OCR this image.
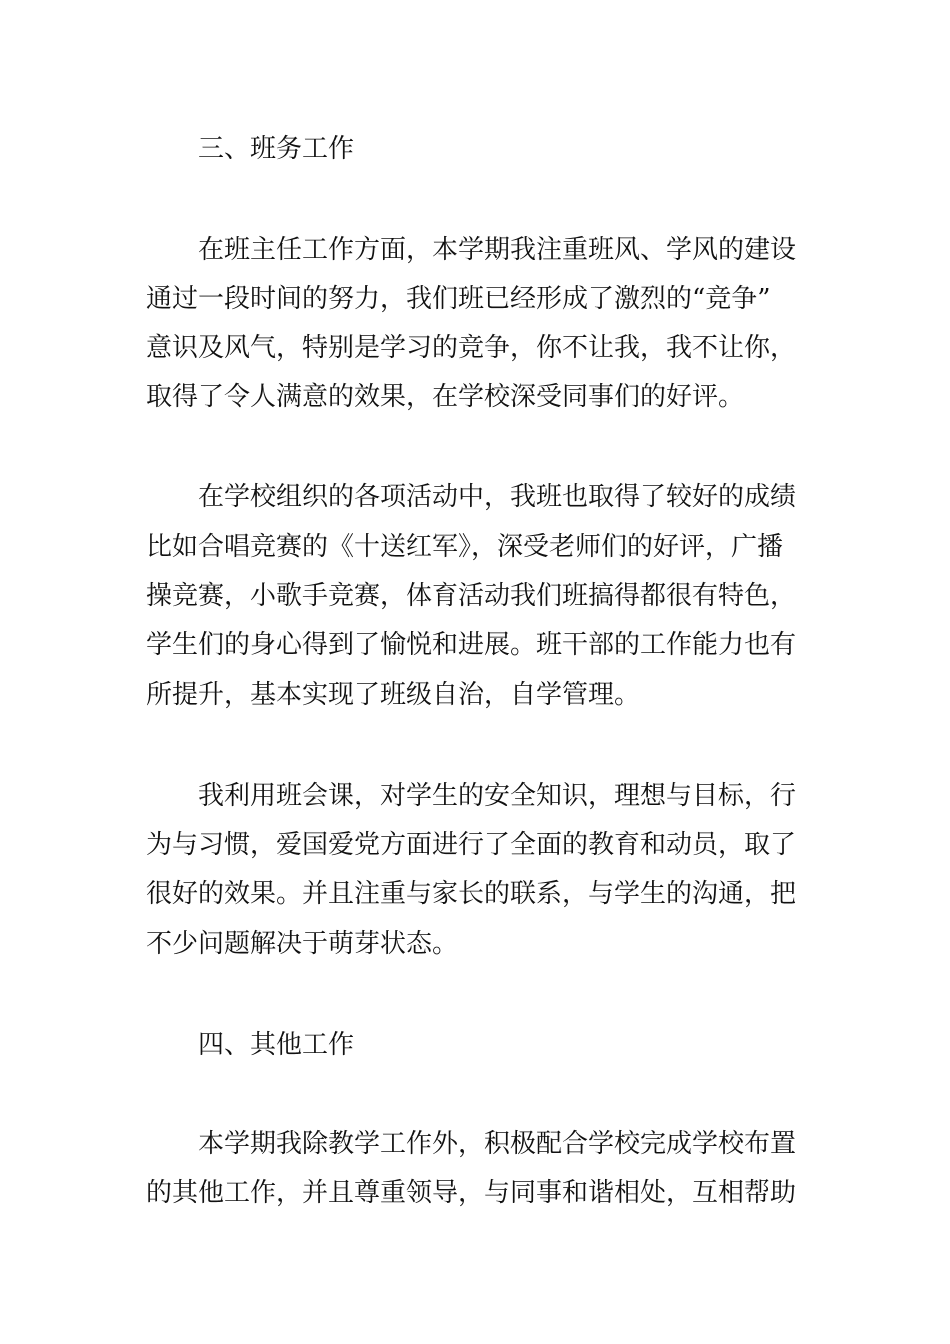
三、班务工作
在班主任工作方面，本学期我注重班风、学风的建设
通过一段时间的努力，我们班已经形成了激烈的“竞争”
意识及风气，特别是学习的竞争，你不让我，我不让你，
取得了令人满意的效果，在学校深受同事们的好评。
在学校组织的各项活动中，我班也取得了较好的成绩
比如合唱竞赛的《十送红军》，深受老师们的好评，广播
操竞赛，小歌手竞赛，体育活动我们班搞得都很有特色，
学生们的身心得到了愉悦和进展。班干部的工作能力也有
所提升，基本实现了班级自治，自学管理。
我利用班会课，对学生的安全知识，理想与目标，行
为与习惯，爱国爱党方面进行了全面的教育和动员，取了
很好的效果。并且注重与家长的联系，与学生的沟通，把
不少问题解决于萌芽状态。
四、其他工作
本学期我除教学工作外，积极配合学校完成学校布置
的其他工作，并且尊重领导，与同事和谐相处，互相帮助
